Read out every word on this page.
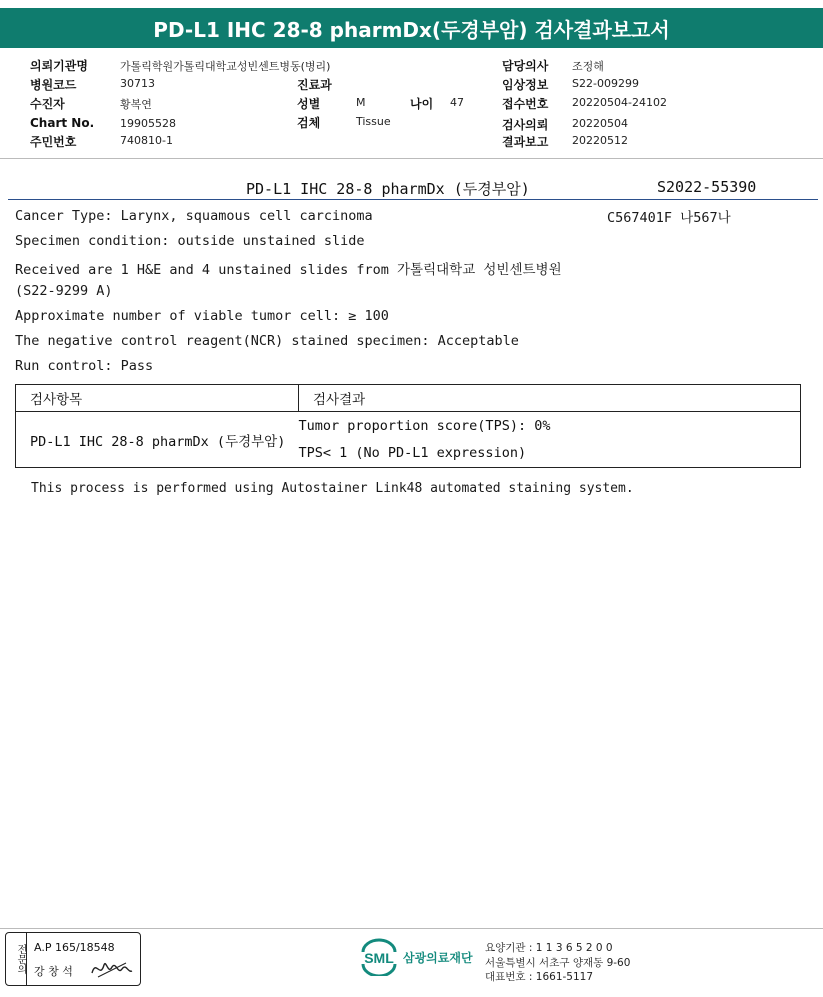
PD-L1 IHC 28-8 pharmDx(두경부암) 검사결과보고서
의뢰기관명	가톨릭학원가톨릭대학교성빈센트병동(병리)
병원코드	30713
수진자	황복연
Chart No. 19905528
주민번호	740810-1
진료과
성별	M	나이 47
검체	Tissue
담당의사 조정해
임상정보 S22-009299
접수번호 20220504-24102
검사의뢰 20220504
결과보고 20220512
PD-L1 IHC 28-8 pharmDx (두경부암)	S2022-55390
C567401F 나567나
Cancer Type: Larynx, squamous cell carcinoma
Specimen condition: outside unstained slide
Received are 1 H&E and 4 unstained slides from 가톨릭대학교 성빈센트병원
(S22-9299 A)
Approximate number of viable tumor cell: ≥ 100
The negative control reagent(NCR) stained specimen: Acceptable
Run control: Pass
검사항목	검사결과
PD-L1 IHC 28-8 pharmDx (두경부암)	Tumor proportion score(TPS): 0%
	TPS< 1 (No PD-L1 expression)
This process is performed using Autostainer Link48 automated staining system.
전문의 A.P 165/18548
강 창 석
SML 삼광의료재단
요양기관 : 1 1 3 6 5 2 0 0
서울특별시 서초구 양재동 9-60
대표번호 : 1661-5117
